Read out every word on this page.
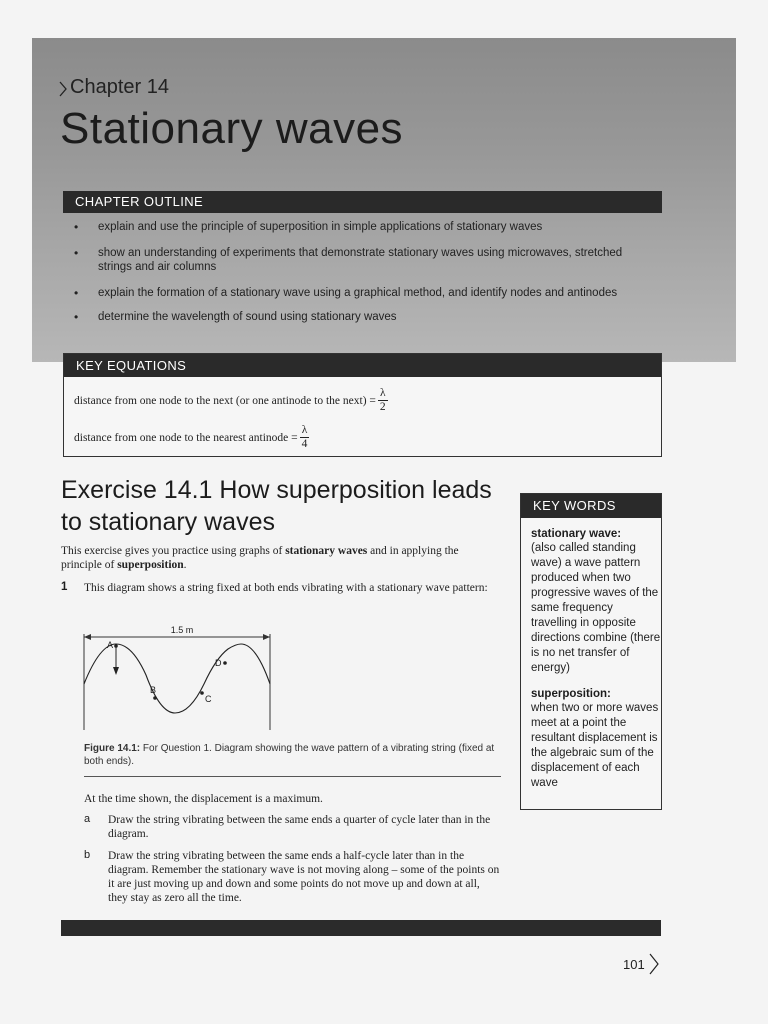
Chapter 14
Stationary waves
CHAPTER OUTLINE
• explain and use the principle of superposition in simple applications of stationary waves
• show an understanding of experiments that demonstrate stationary waves using microwaves, stretched strings and air columns
• explain the formation of a stationary wave using a graphical method, and identify nodes and antinodes
• determine the wavelength of sound using stationary waves
KEY EQUATIONS
distance from one node to the next (or one antinode to the next) = $\frac{\lambda}{2}$
distance from one node to the nearest antinode = $\frac{\lambda}{4}$
Exercise 14.1 How superposition leads to stationary waves
This exercise gives you practice using graphs of stationary waves and in applying the principle of superposition.
1 This diagram shows a string fixed at both ends vibrating with a stationary wave pattern:
1.5 m
A
B
C
D
Figure 14.1: For Question 1. Diagram showing the wave pattern of a vibrating string (fixed at both ends).
At the time shown, the displacement is a maximum.
a Draw the string vibrating between the same ends a quarter of cycle later than in the diagram.
b Draw the string vibrating between the same ends a half-cycle later than in the diagram. Remember the stationary wave is not moving along – some of the points on it are just moving up and down and some points do not move up and down at all, they stay as zero all the time.
KEY WORDS
stationary wave:
(also called standing wave) a wave pattern produced when two progressive waves of the same frequency travelling in opposite directions combine (there is no net transfer of energy)
superposition:
when two or more waves meet at a point the resultant displacement is the algebraic sum of the displacement of each wave
101
